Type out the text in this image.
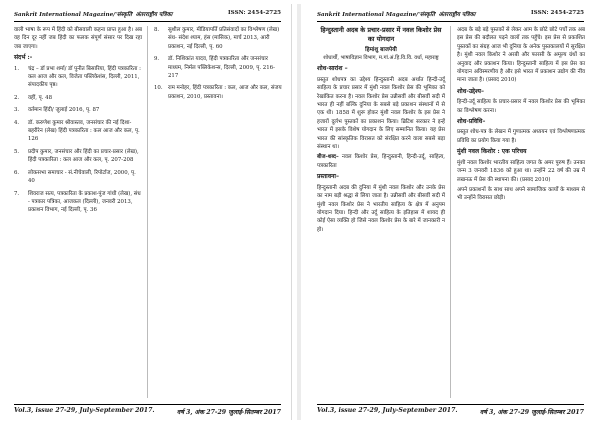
Sankrit International Magazine/'संस्कृति' अंतरराष्ट्रीय पत्रिका	ISSN: 2454-2725

वाली भाषा के रूप में हिंदी को बीसवाली कहना प्राप्त हुआ है। अब वह दिन दूर नहीं जब हिंदी का फलक संपूर्ण संसार पर दिख रहा जब जाएगा।

संदर्भ :-
1.	चंद्र – डॉ प्रभा शर्मा/ डॉ पुनीत बिसारिया, हिंदी पत्रकारिता : कल आज और कल, विजेता पब्लिकेशंस, दिल्ली, 2011, संपादकीय पृष्ठ।
2.	वहीं, पृ. 48
3.	वर्तमान हिंदी/ जुलाई 2016, पृ. 87
4.	डॉ. करुणेश कुमार श्रीवास्तव, जनसंचार की नई दिशा-बहरीरेन (लेख) हिंदी पत्रकारिता : कल आज और कल, पृ. 126
5.	प्रदीप कुमार, जनसंचार और हिंदी का प्रचार-प्रसार (लेख), हिंदी पत्रकारिता : कल आज और कल, पृ. 207-208
6.	लोकसभा समाचार - सं.नीचेवाली, रिपोर्टाज, 2000, पृ. 40
7.	शिवराज सत्य, पत्रकारिता के प्रकाश-पुंज गांधी (लेख), संध - पत्रकार पत्रिका, आजकल (दिल्ली), जनवरी 2013, प्रकाशन विभाग, नई दिल्ली, पृ. 36
8.	सुशील कुमार, मीडियापर्ति प्रतिसंवादों का विश्लेषण (लेख) संध- संदेश श्याम, हंस (मासिक), मार्च 2013, आरी प्रकाशन, नई दिल्ली, पृ. 60
9.	डॉ. निशिकांत यादव, हिंदी पत्रकारिता और जनसंचार माध्यम, निर्मल पब्लिकेशन्स, दिल्ली, 2009, पृ. 216-217
10.	राम मनोहर, हिंदी पत्रकारिता : कल, आज और कल, संजय प्रकाशन, 2010, प्रस्तावना।
Vol.3, issue 27-29, July-September 2017.	वर्ष 3, अंक 27-29 जुलाई-सितम्बर 2017
Sankrit International Magazine/'संस्कृति' अंतरराष्ट्रीय पत्रिका	ISSN: 2454-2725
हिन्दुस्तानी अदब के प्रचार-प्रसार में नवल किशोर प्रेस का योगदान
हिमांशु बाजपेयी
शोधार्थी, भाषाविज्ञान विभाग, म.गां.अं.हि.वि.वि. वर्धा, महाराष्ट्र
शोध-सारांश –

प्रस्तुत शोधपत्र का उद्देश्य हिन्दुस्तानी अदब अर्थात हिन्दी-उर्दू साहित्य के प्रचार प्रसार में मुंशी नवल किशोर प्रेस की भूमिका को रेखांकित करना है। नवल किशोर प्रेस उन्नीसवीं और बीसवीं सदी में भारत ही नहीं बल्कि दुनिया के सबसे बड़े प्रकाशन संस्थानों में से एक थी। 1858 में शुरू होकर मुंशी नवल किशोर के इस प्रेस ने हजारों दुर्लभ पुस्तकों का प्रकाशन किया। ब्रिटिश सरकार ने इन्हें भारत में इसके विशेष योगदान के लिए सम्मानित किया। यह प्रेस भारत की सांस्कृतिक विरासत को संरक्षित करने वाला सबसे बड़ा संस्थान था।

बीज-शब्द– नवल किशोर प्रेस, हिन्दुस्तानी, हिन्दी-उर्दू, साहित्य, पत्रकारिता

प्रस्तावना–

हिन्दुस्तानी अदब की दुनिया में मुंशी नवल किशोर और उनके प्रेस का नाम बड़ी श्रद्धा से लिया जाता है। उन्नीसवीं और बीसवीं सदी में मुंशी नवल किशोर प्रेस ने भारतीय साहित्य के क्षेत्र में अनुपम योगदान दिया। हिन्दी और उर्दू साहित्य के इतिहास में शायद ही कोई ऐसा व्यक्ति हो जिसे नवल किशोर प्रेस के बारे में जानकारी न हो।

अदब के बड़े बड़े पुस्तकों से लेकर आम के छोटे छोटे पर्चों तक अब इस प्रेस की बदौलत पढ़ने वालों तक पहुँचे। इस प्रेस से प्रकाशित पुस्तकों का संग्रह आज भी दुनिया के अनेक पुस्तकालयों में सुरक्षित है। मुंशी नवल किशोर ने अरबी और फारसी के अमूल्य ग्रंथों का अनुवाद और प्रकाशन किया। हिन्दुस्तानी साहित्य में इस प्रेस का योगदान अविस्मरणीय है और इसे भारत में प्रकाशन उद्योग की नींव माना जाता है। (प्रसाद 2010)

शोध-उद्देश्य–

हिन्दी-उर्दू साहित्य के प्रचार-प्रसार में नवल किशोर प्रेस की भूमिका का विश्लेषण करना।

शोध-प्रविधि–

प्रस्तुत शोध-पत्र के लेखन में गुणात्मक अध्ययन एवं विश्लेषणात्मक प्रविधि का प्रयोग किया गया है।

मुंशी नवल किशोर : एक परिचय

मुंशी नवल किशोर भारतीय साहित्य जगत के अमर पुरुष हैं। उनका जन्म 3 जनवरी 1836 को हुआ था। उन्होंने 22 वर्ष की उम्र में लखनऊ में प्रेस की स्थापना की। (प्रसाद 2010)

अपने प्रकाशनों के साथ साथ अपने सामाजिक कार्यों के माध्यम से भी उन्होंने विरासत छोड़ी।

Vol.3, issue 27-29, July-September 2017.	वर्ष 3, अंक 27-29 जुलाई-सितम्बर 2017
